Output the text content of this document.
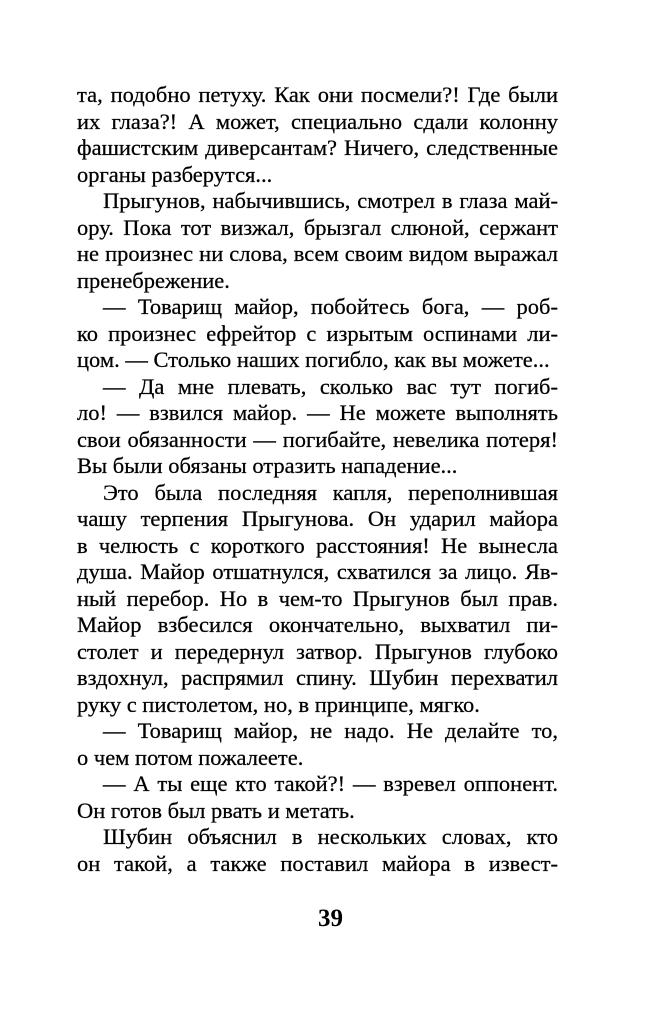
та, подобно петуху. Как они посмели?! Где были
их глаза?! А может, специально сдали колонну
фашистским диверсантам? Ничего, следственные
органы разберутся...
Прыгунов, набычившись, смотрел в глаза май-
ору. Пока тот визжал, брызгал слюной, сержант
не произнес ни слова, всем своим видом выражал
пренебрежение.
— Товарищ майор, побойтесь бога, — роб-
ко произнес ефрейтор с изрытым оспинами ли-
цом. — Столько наших погибло, как вы можете...
— Да мне плевать, сколько вас тут погиб-
ло! — взвился майор. — Не можете выполнять
свои обязанности — погибайте, невелика потеря!
Вы были обязаны отразить нападение...
Это была последняя капля, переполнившая
чашу терпения Прыгунова. Он ударил майора
в челюсть с короткого расстояния! Не вынесла
душа. Майор отшатнулся, схватился за лицо. Яв-
ный перебор. Но в чем-то Прыгунов был прав.
Майор взбесился окончательно, выхватил пи-
столет и передернул затвор. Прыгунов глубоко
вздохнул, распрямил спину. Шубин перехватил
руку с пистолетом, но, в принципе, мягко.
— Товарищ майор, не надо. Не делайте то,
о чем потом пожалеете.
— А ты еще кто такой?! — взревел оппонент.
Он готов был рвать и метать.
Шубин объяснил в нескольких словах, кто
он такой, а также поставил майора в извест-
39
